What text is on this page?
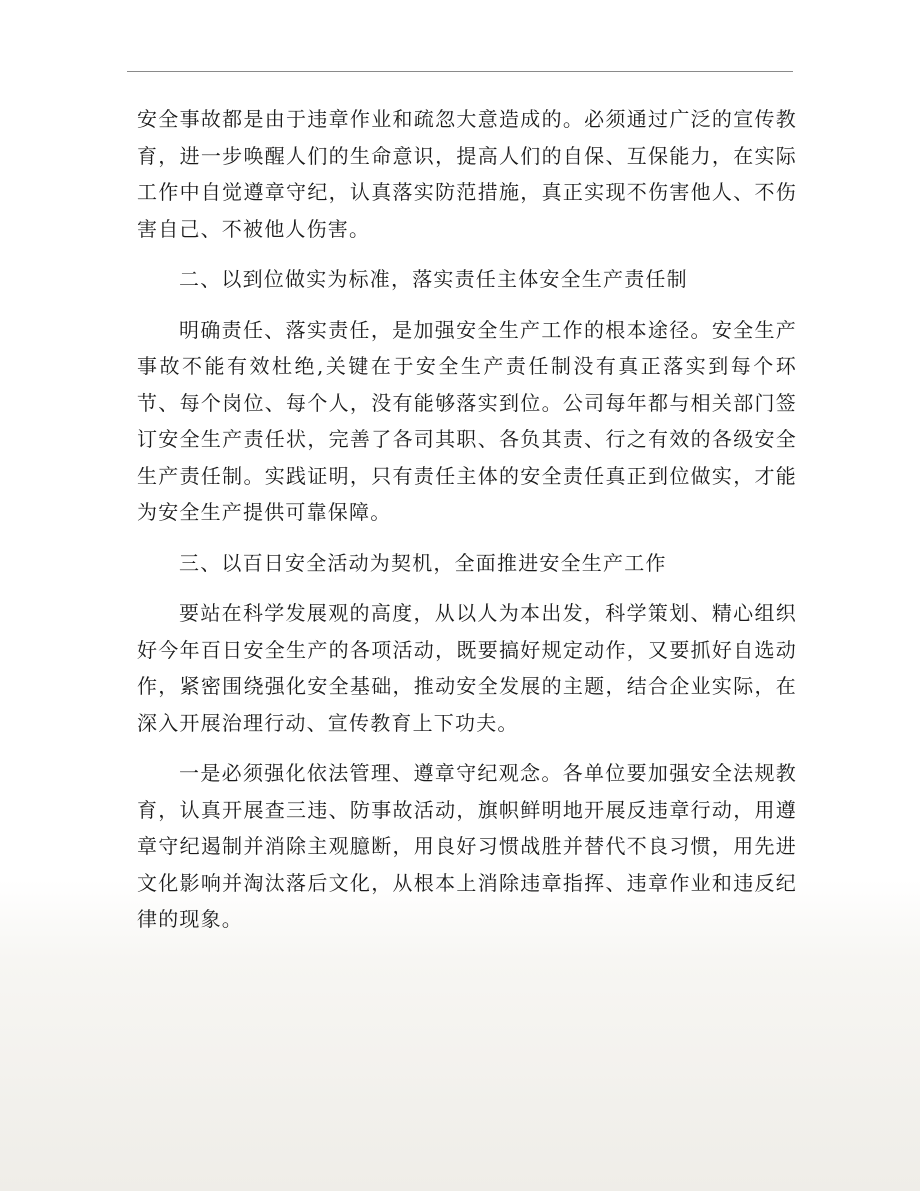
安全事故都是由于违章作业和疏忽大意造成的。必须通过广泛的宣传教育，进一步唤醒人们的生命意识，提高人们的自保、互保能力，在实际工作中自觉遵章守纪，认真落实防范措施，真正实现不伤害他人、不伤害自己、不被他人伤害。

二、以到位做实为标准，落实责任主体安全生产责任制

明确责任、落实责任，是加强安全生产工作的根本途径。安全生产事故不能有效杜绝,关键在于安全生产责任制没有真正落实到每个环节、每个岗位、每个人，没有能够落实到位。公司每年都与相关部门签订安全生产责任状，完善了各司其职、各负其责、行之有效的各级安全生产责任制。实践证明，只有责任主体的安全责任真正到位做实，才能为安全生产提供可靠保障。

三、以百日安全活动为契机，全面推进安全生产工作

要站在科学发展观的高度，从以人为本出发，科学策划、精心组织好今年百日安全生产的各项活动，既要搞好规定动作，又要抓好自选动作，紧密围绕强化安全基础，推动安全发展的主题，结合企业实际，在深入开展治理行动、宣传教育上下功夫。

一是必须强化依法管理、遵章守纪观念。各单位要加强安全法规教育，认真开展查三违、防事故活动，旗帜鲜明地开展反违章行动，用遵章守纪遏制并消除主观臆断，用良好习惯战胜并替代不良习惯，用先进文化影响并淘汰落后文化，从根本上消除违章指挥、违章作业和违反纪律的现象。
